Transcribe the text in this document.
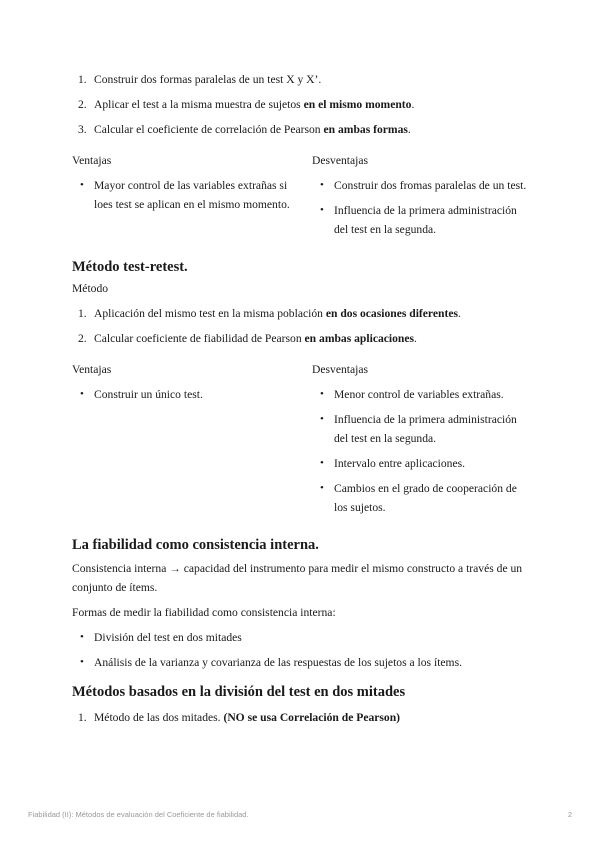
1. Construir dos formas paralelas de un test X y X’.
2. Aplicar el test a la misma muestra de sujetos en el mismo momento.
3. Calcular el coeficiente de correlación de Pearson en ambas formas.

Ventajas

• Mayor control de las variables extrañas si loes test se aplican en el mismo momento.

Desventajas

• Construir dos fromas paralelas de un test.
• Influencia de la primera administración del test en la segunda.
Método test-retest.

Método

1. Aplicación del mismo test en la misma población en dos ocasiones diferentes.
2. Calcular coeficiente de fiabilidad de Pearson en ambas aplicaciones.

Ventajas

• Construir un único test.

Desventajas

• Menor control de variables extrañas.
• Influencia de la primera administración del test en la segunda.
• Intervalo entre aplicaciones.
• Cambios en el grado de cooperación de los sujetos.
La fiabilidad como consistencia interna.

Consistencia interna → capacidad del instrumento para medir el mismo constructo a través de un conjunto de ítems.

Formas de medir la fiabilidad como consistencia interna:

• División del test en dos mitades
• Análisis de la varianza y covarianza de las respuestas de los sujetos a los ítems.
Métodos basados en la división del test en dos mitades
1. Método de las dos mitades. (NO se usa Correlación de Pearson)
Fiabilidad (II): Métodos de evaluación del Coeficiente de fiabilidad.	2
